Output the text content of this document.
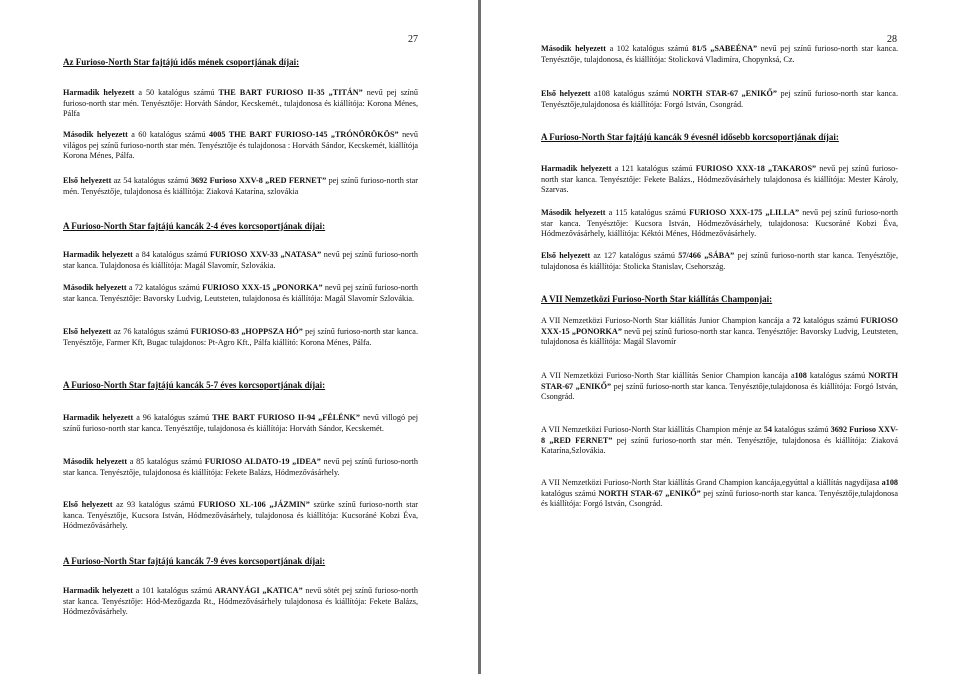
27

Az Furioso-North Star fajtájú idős mének csoportjának díjai:

Harmadik helyezett a 50 katalógus számú THE BART FURIOSO II-35 „TITÁN” nevű pej színű furioso-north star mén. Tenyésztője: Horváth Sándor, Kecskemét., tulajdonosa és kiállítója: Korona Ménes, Pálfa

Második helyezett a 60 katalógus számú 4005 THE BART FURIOSO-145 „TRÓNÖRÖKÖS” nevű világos pej színű furioso-north star mén. Tenyésztője és tulajdonosa : Horváth Sándor, Kecskemét, kiállítója Korona Ménes, Pálfa.

Első helyezett az 54 katalógus számú 3692 Furioso XXV-8 „RED FERNET” pej színű furioso-north star mén. Tenyésztője, tulajdonosa és kiállítója: Ziaková Katarína, szlovákia

A Furioso-North Star fajtájú kancák 2-4 éves korcsoportjának díjai:

Harmadik helyezett a 84 katalógus számú FURIOSO XXV-33 „NATASA” nevű pej színű furioso-north star kanca. Tulajdonosa és kiállítója: Magál Slavomír, Szlovákia.

Második helyezett a 72 katalógus számú FURIOSO XXX-15 „PONORKA” nevű pej színű furioso-north star kanca. Tenyésztője: Bavorsky Ludvig, Leutsteten, tulajdonosa és kiállítója: Magál Slavomír Szlovákia.

Első helyezett az 76 katalógus számú FURIOSO-83 „HOPPSZA HÓ” pej színű furioso-north star kanca. Tenyésztője, Farmer Kft, Bugac tulajdonos: Pt-Agro Kft., Pálfa kiállító: Korona Ménes, Pálfa.

A Furioso-North Star fajtájú kancák 5-7 éves korcsoportjának díjai:

Harmadik helyezett a 96 katalógus számú THE BART FURIOSO II-94 „FÉLÉNK” nevű villogó pej színű furioso-north star kanca. Tenyésztője, tulajdonosa és kiállítója: Horváth Sándor, Kecskemét.

Második helyezett a 85 katalógus számú FURIOSO ALDATO-19 „IDEA” nevű pej színű furioso-north star kanca. Tenyésztője, tulajdonosa és kiállítója: Fekete Balázs, Hódmezővásárhely.

Első helyezett az 93 katalógus számú FURIOSO XL-106 „JÁZMIN” szürke színű furioso-north star kanca. Tenyésztője, Kucsora István, Hódmezővásárhely, tulajdonosa és kiállítója: Kucsoráné Kobzi Éva, Hódmezővásárhely.

A Furioso-North Star fajtájú kancák 7-9 éves korcsoportjának díjai:

Harmadik helyezett a 101 katalógus számú ARANYÁGI „KATICA” nevű sötét pej színű furioso-north star kanca. Tenyésztője: Hód-Mezőgazda Rt., Hódmezővásárhely tulajdonosa és kiállítója: Fekete Balázs, Hódmezővásárhely.

28

Második helyezett a 102 katalógus számú 81/5 „SABEÉNA” nevű pej színű furioso-north star kanca. Tenyésztője, tulajdonosa, és kiállítója: Stolicková Vladimíra, Chopynksá, Cz.

Első helyezett a108 katalógus számú NORTH STAR-67 „ENIKŐ” pej színű furioso-north star kanca. Tenyésztője,tulajdonosa és kiállítója: Forgó István, Csongrád.

A Furioso-North Star fajtájú kancák 9 évesnél idősebb korcsoportjának díjai:

Harmadik helyezett a 121 katalógus számú FURIOSO XXX-18 „TAKAROS” nevű pej színű furioso-north star kanca. Tenyésztője: Fekete Balázs., Hódmezővásárhely tulajdonosa és kiállítója: Mester Károly, Szarvas.

Második helyezett a 115 katalógus számú FURIOSO XXX-175 „LILLA” nevű pej színű furioso-north star kanca. Tenyésztője: Kucsora István, Hódmezővásárhely, tulajdonosa: Kucsoráné Kobzi Éva, Hódmezővásárhely, kiállítója: Kéktói Ménes, Hódmezővásárhely.

Első helyezett az 127 katalógus számú 57/466 „SÁBA” pej színű furioso-north star kanca. Tenyésztője, tulajdonosa és kiállítója: Stolicka Stanislav, Csehország.

A VII Nemzetközi Furioso-North Star kiállítás Champonjai:

A VII Nemzetközi Furioso-North Star kiállítás Junior Champion kancája a 72 katalógus számú FURIOSO XXX-15 „PONORKA” nevű pej színű furioso-north star kanca. Tenyésztője: Bavorsky Ludvig, Leutsteten, tulajdonosa és kiállítója: Magál Slavomír

A VII Nemzetközi Furioso-North Star kiállítás Senior Champion kancája a108 katalógus számú NORTH STAR-67 „ENIKŐ” pej színű furioso-north star kanca. Tenyésztője,tulajdonosa és kiállítója: Forgó István, Csongrád.

A VII Nemzetközi Furioso-North Star kiállítás Champion ménje az 54 katalógus számú 3692 Furioso XXV-8 „RED FERNET” pej színű furioso-north star mén. Tenyésztője, tulajdonosa és kiállítója: Ziaková Katarína,Szlovákia.

A VII Nemzetközi Furioso-North Star kiállítás Grand Champion kancája,egyúttal a kiállítás nagydíjasa a108 katalógus számú NORTH STAR-67 „ENIKŐ” pej színű furioso-north star kanca. Tenyésztője,tulajdonosa és kiállítója: Forgó István, Csongrád.
